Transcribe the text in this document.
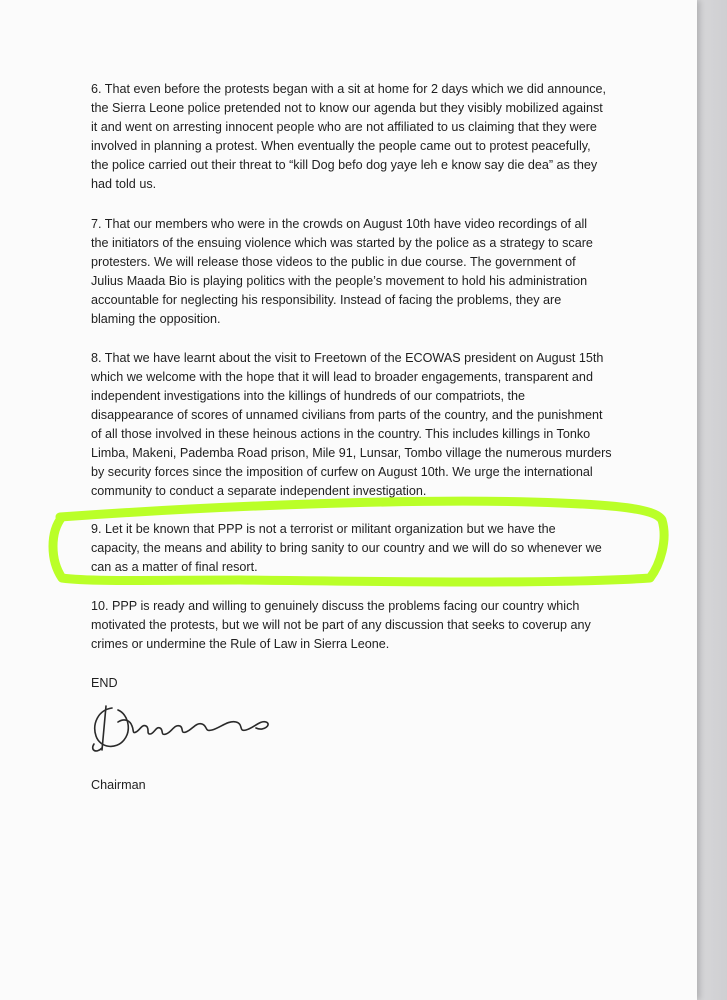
6. That even before the protests began with a sit at home for 2 days which we did announce,
the Sierra Leone police pretended not to know our agenda but they visibly mobilized against
it and went on arresting innocent people who are not affiliated to us claiming that they were
involved in planning a protest. When eventually the people came out to protest peacefully,
the police carried out their threat to “kill Dog befo dog yaye leh e know say die dea” as they
had told us.

7. That our members who were in the crowds on August 10th have video recordings of all
the initiators of the ensuing violence which was started by the police as a strategy to scare
protesters. We will release those videos to the public in due course. The government of
Julius Maada Bio is playing politics with the people’s movement to hold his administration
accountable for neglecting his responsibility. Instead of facing the problems, they are
blaming the opposition.

8. That we have learnt about the visit to Freetown of the ECOWAS president on August 15th
which we welcome with the hope that it will lead to broader engagements, transparent and
independent investigations into the killings of hundreds of our compatriots, the
disappearance of scores of unnamed civilians from parts of the country, and the punishment
of all those involved in these heinous actions in the country. This includes killings in Tonko
Limba, Makeni, Pademba Road prison, Mile 91, Lunsar, Tombo village the numerous murders
by security forces since the imposition of curfew on August 10th. We urge the international
community to conduct a separate independent investigation.

9. Let it be known that PPP is not a terrorist or militant organization but we have the
capacity, the means and ability to bring sanity to our country and we will do so whenever we
can as a matter of final resort.

10. PPP is ready and willing to genuinely discuss the problems facing our country which
motivated the protests, but we will not be part of any discussion that seeks to coverup any
crimes or undermine the Rule of Law in Sierra Leone.

END

Chairman
